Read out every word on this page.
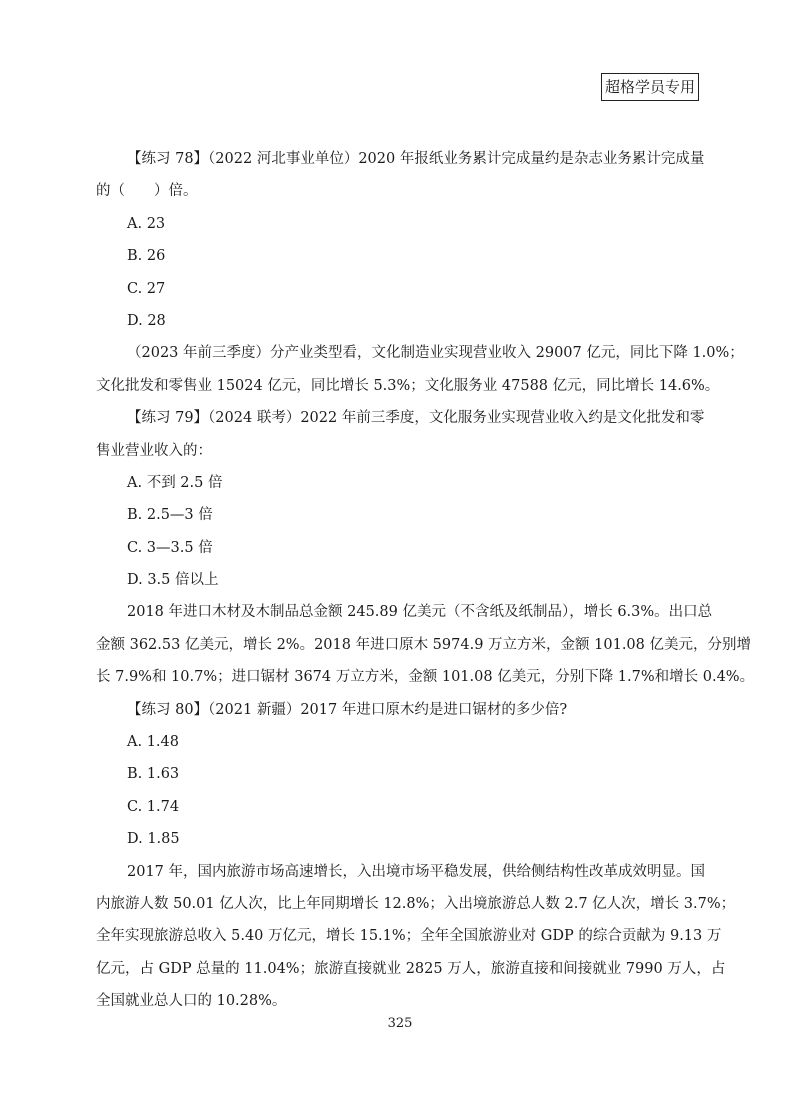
超格学员专用
【练习 78】（2022 河北事业单位）2020 年报纸业务累计完成量约是杂志业务累计完成量
的（　　）倍。
A. 23
B. 26
C. 27
D. 28
（2023 年前三季度）分产业类型看，文化制造业实现营业收入 29007 亿元，同比下降 1.0%；
文化批发和零售业 15024 亿元，同比增长 5.3%；文化服务业 47588 亿元，同比增长 14.6%。
【练习 79】（2024 联考）2022 年前三季度，文化服务业实现营业收入约是文化批发和零
售业营业收入的：
A. 不到 2.5 倍
B. 2.5—3 倍
C. 3—3.5 倍
D. 3.5 倍以上
2018 年进口木材及木制品总金额 245.89 亿美元（不含纸及纸制品），增长 6.3%。出口总
金额 362.53 亿美元，增长 2%。2018 年进口原木 5974.9 万立方米，金额 101.08 亿美元，分别增
长 7.9%和 10.7%；进口锯材 3674 万立方米，金额 101.08 亿美元，分别下降 1.7%和增长 0.4%。
【练习 80】（2021 新疆）2017 年进口原木约是进口锯材的多少倍?
A. 1.48
B. 1.63
C. 1.74
D. 1.85
2017 年，国内旅游市场高速增长，入出境市场平稳发展，供给侧结构性改革成效明显。国
内旅游人数 50.01 亿人次，比上年同期增长 12.8%；入出境旅游总人数 2.7 亿人次，增长 3.7%；
全年实现旅游总收入 5.40 万亿元，增长 15.1%；全年全国旅游业对 GDP 的综合贡献为 9.13 万
亿元，占 GDP 总量的 11.04%；旅游直接就业 2825 万人，旅游直接和间接就业 7990 万人，占
全国就业总人口的 10.28%。
325
